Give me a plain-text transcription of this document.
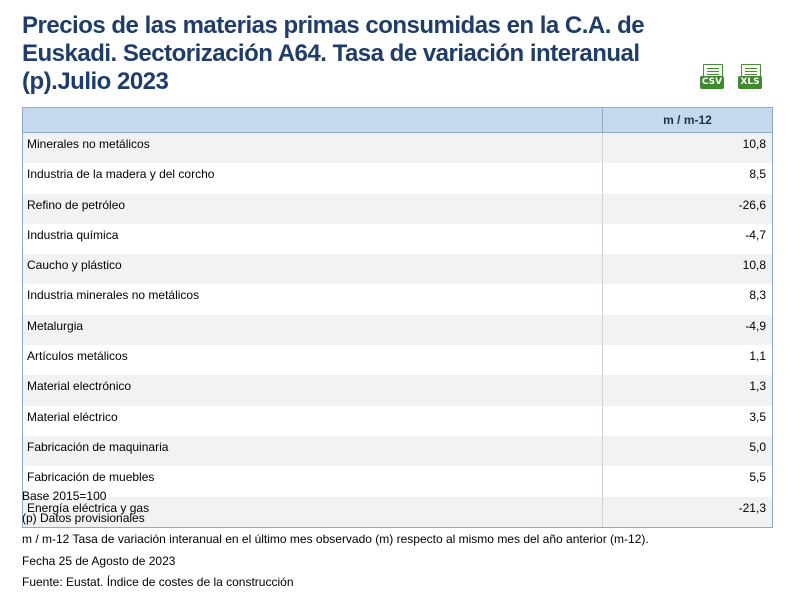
Precios de las materias primas consumidas en la C.A. de Euskadi. Sectorización A64. Tasa de variación interanual (p).Julio 2023	CSV XLS
	m / m-12
Minerales no metálicos	10,8
Industria de la madera y del corcho	8,5
Refino de petróleo	-26,6
Industria química	-4,7
Caucho y plástico	10,8
Industria minerales no metálicos	8,3
Metalurgia	-4,9
Artículos metálicos	1,1
Material electrónico	1,3
Material eléctrico	3,5
Fabricación de maquinaria	5,0
Fabricación de muebles	5,5
Energía eléctrica y gas	-21,3
Base 2015=100
(p) Datos provisionales
m / m-12 Tasa de variación interanual en el último mes observado (m) respecto al mismo mes del año anterior (m-12).
Fecha 25 de Agosto de 2023
Fuente: Eustat. Índice de costes de la construcción
